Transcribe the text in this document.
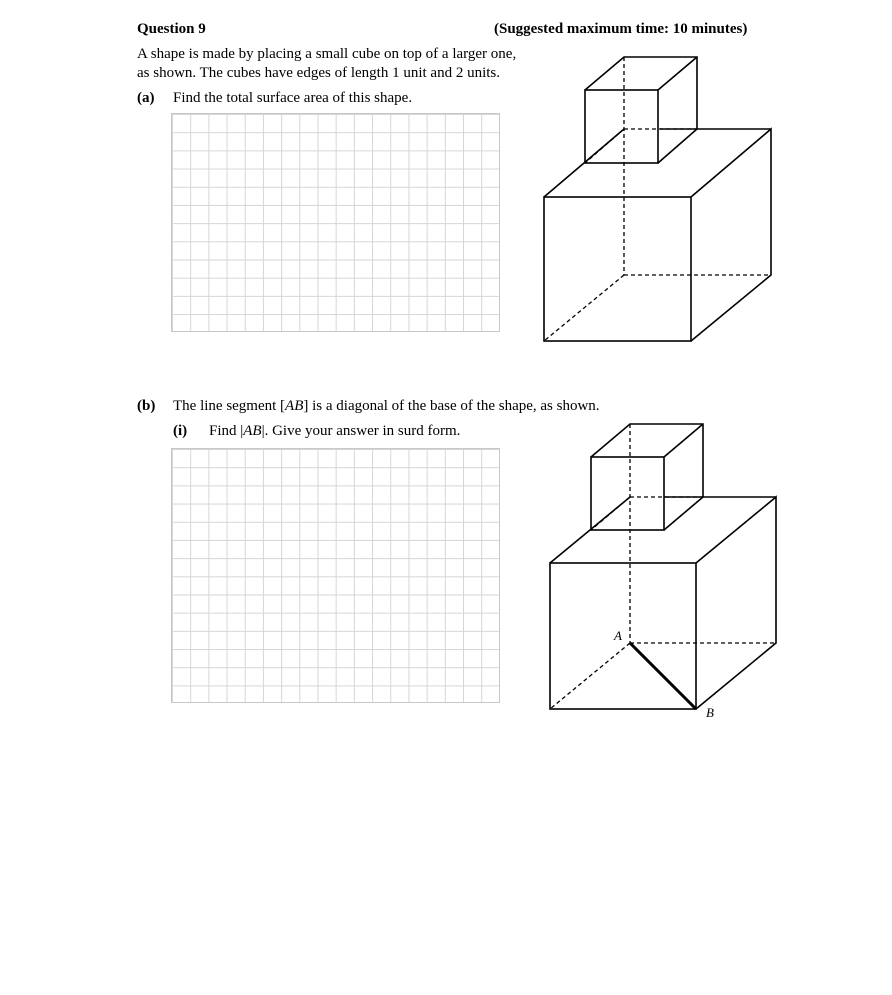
Question 9	(Suggested maximum time: 10 minutes)
A shape is made by placing a small cube on top of a larger one,
as shown. The cubes have edges of length 1 unit and 2 units.
(a) Find the total surface area of this shape.
(b) The line segment [AB] is a diagonal of the base of the shape, as shown.
(i) Find |AB|. Give your answer in surd form.
A
B
